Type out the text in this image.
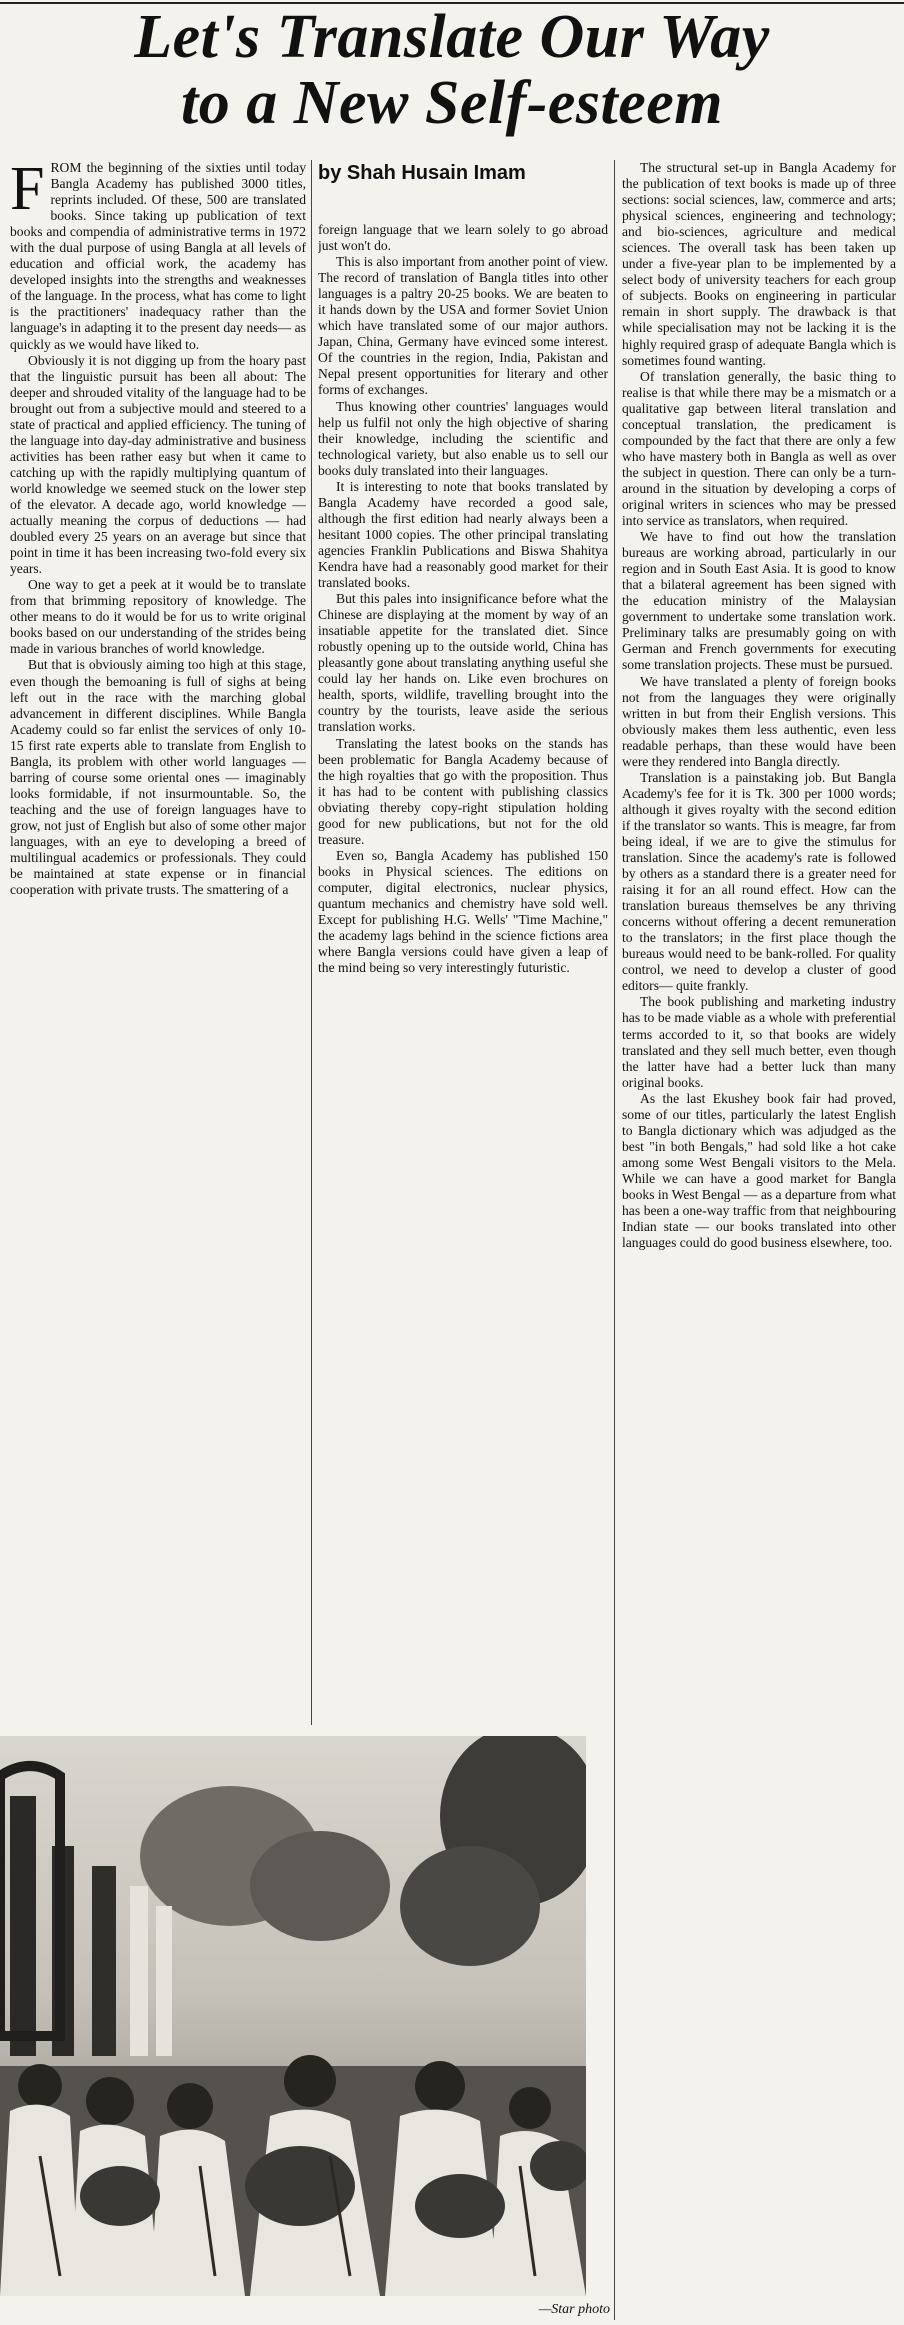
Let's Translate Our Way
to a New Self-esteem
F ROM the beginning of the sixties until today Bangla Academy has published 3000 titles, reprints included. Of these, 500 are translated books. Since taking up publication of text books and compendia of administrative terms in 1972 with the dual purpose of using Bangla at all levels of education and official work, the academy has developed insights into the strengths and weaknesses of the language. In the process, what has come to light is the practitioners' inadequacy rather than the language's in adapting it to the present day needs— as quickly as we would have liked to.

Obviously it is not digging up from the hoary past that the linguistic pursuit has been all about: The deeper and shrouded vitality of the language had to be brought out from a subjective mould and steered to a state of practical and applied efficiency. The tuning of the language into day-day administrative and business activities has been rather easy but when it came to catching up with the rapidly multiplying quantum of world knowledge we seemed stuck on the lower step of the elevator. A decade ago, world knowledge — actually meaning the corpus of deductions — had doubled every 25 years on an average but since that point in time it has been increasing two-fold every six years.

One way to get a peek at it would be to translate from that brimming repository of knowledge. The other means to do it would be for us to write original books based on our understanding of the strides being made in various branches of world knowledge.

But that is obviously aiming too high at this stage, even though the bemoaning is full of sighs at being left out in the race with the marching global advancement in different disciplines. While Bangla Academy could so far enlist the services of only 10-15 first rate experts able to translate from English to Bangla, its problem with other world languages — barring of course some oriental ones — imaginably looks formidable, if not insurmountable. So, the teaching and the use of foreign languages have to grow, not just of English but also of some other major languages, with an eye to developing a breed of multilingual academics or professionals. They could be maintained at state expense or in financial cooperation with private trusts. The smattering of a

by Shah Husain Imam

foreign language that we learn solely to go abroad just won't do.

This is also important from another point of view. The record of translation of Bangla titles into other languages is a paltry 20-25 books. We are beaten to it hands down by the USA and former Soviet Union which have translated some of our major authors. Japan, China, Germany have evinced some interest. Of the countries in the region, India, Pakistan and Nepal present opportunities for literary and other forms of exchanges.

Thus knowing other countries' languages would help us fulfil not only the high objective of sharing their knowledge, including the scientific and technological variety, but also enable us to sell our books duly translated into their languages.

It is interesting to note that books translated by Bangla Academy have recorded a good sale, although the first edition had nearly always been a hesitant 1000 copies. The other principal translating agencies Franklin Publications and Biswa Shahitya Kendra have had a reasonably good market for their translated books.

But this pales into insignificance before what the Chinese are displaying at the moment by way of an insatiable appetite for the translated diet. Since robustly opening up to the outside world, China has pleasantly gone about translating anything useful she could lay her hands on. Like even brochures on health, sports, wildlife, travelling brought into the country by the tourists, leave aside the serious translation works.

Translating the latest books on the stands has been problematic for Bangla Academy because of the high royalties that go with the proposition. Thus it has had to be content with publishing classics obviating thereby copy-right stipulation holding good for new publications, but not for the old treasure.

Even so, Bangla Academy has published 150 books in Physical sciences. The editions on computer, digital electronics, nuclear physics, quantum mechanics and chemistry have sold well. Except for publishing H.G. Wells' "Time Machine," the academy lags behind in the science fictions area where Bangla versions could have given a leap of the mind being so very interestingly futuristic.

The structural set-up in Bangla Academy for the publication of text books is made up of three sections: social sciences, law, commerce and arts; physical sciences, engineering and technology; and bio-sciences, agriculture and medical sciences. The overall task has been taken up under a five-year plan to be implemented by a select body of university teachers for each group of subjects. Books on engineering in particular remain in short supply. The drawback is that while specialisation may not be lacking it is the highly required grasp of adequate Bangla which is sometimes found wanting.

Of translation generally, the basic thing to realise is that while there may be a mismatch or a qualitative gap between literal translation and conceptual translation, the predicament is compounded by the fact that there are only a few who have mastery both in Bangla as well as over the subject in question. There can only be a turn-around in the situation by developing a corps of original writers in sciences who may be pressed into service as translators, when required.

We have to find out how the translation bureaus are working abroad, particularly in our region and in South East Asia. It is good to know that a bilateral agreement has been signed with the education ministry of the Malaysian government to undertake some translation work. Preliminary talks are presumably going on with German and French governments for executing some translation projects. These must be pursued.

We have translated a plenty of foreign books not from the languages they were originally written in but from their English versions. This obviously makes them less authentic, even less readable perhaps, than these would have been were they rendered into Bangla directly.

Translation is a painstaking job. But Bangla Academy's fee for it is Tk. 300 per 1000 words; although it gives royalty with the second edition if the translator so wants. This is meagre, far from being ideal, if we are to give the stimulus for translation. Since the academy's rate is followed by others as a standard there is a greater need for raising it for an all round effect. How can the translation bureaus themselves be any thriving concerns without offering a decent remuneration to the translators; in the first place though the bureaus would need to be bank-rolled. For quality control, we need to develop a cluster of good editors— quite frankly.

The book publishing and marketing industry has to be made viable as a whole with preferential terms accorded to it, so that books are widely translated and they sell much better, even though the latter have had a better luck than many original books.

As the last Ekushey book fair had proved, some of our titles, particularly the latest English to Bangla dictionary which was adjudged as the best "in both Bengals," had sold like a hot cake among some West Bengali visitors to the Mela. While we can have a good market for Bangla books in West Bengal — as a departure from what has been a one-way traffic from that neighbouring Indian state — our books translated into other languages could do good business elsewhere, too.

—Star photo
